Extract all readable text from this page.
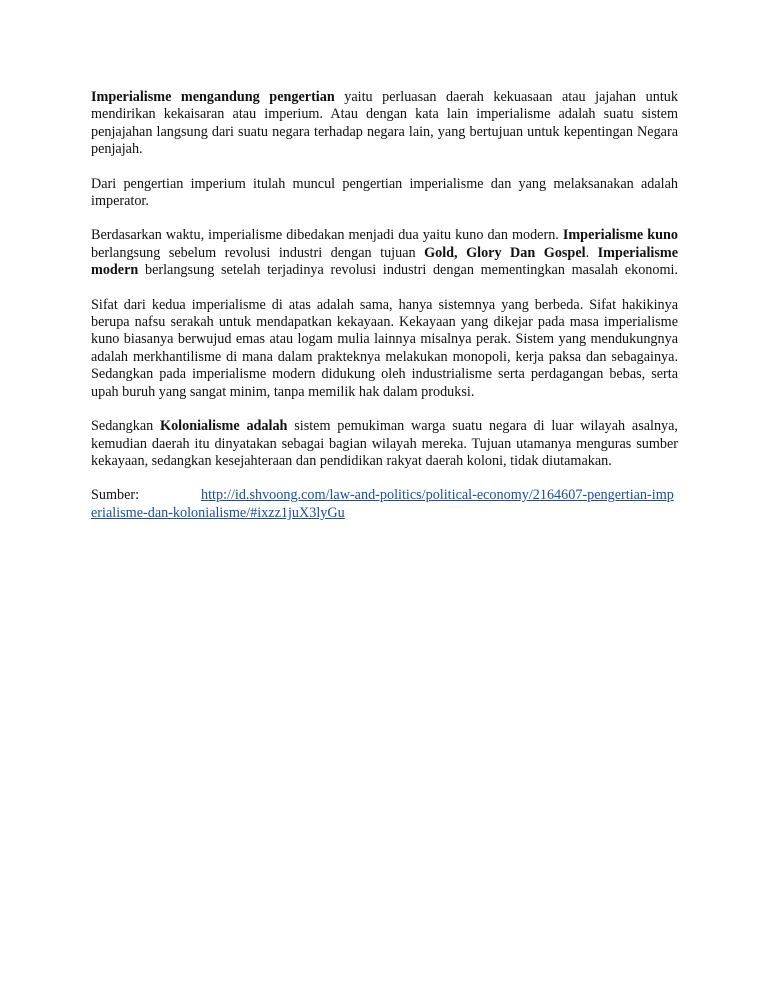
Imperialisme mengandung pengertian yaitu perluasan daerah kekuasaan atau jajahan untuk mendirikan kekaisaran atau imperium. Atau dengan kata lain imperialisme adalah suatu sistem penjajahan langsung dari suatu negara terhadap negara lain, yang bertujuan untuk kepentingan Negara penjajah.

Dari pengertian imperium itulah muncul pengertian imperialisme dan yang melaksanakan adalah imperator.

Berdasarkan waktu, imperialisme dibedakan menjadi dua yaitu kuno dan modern. Imperialisme kuno berlangsung sebelum revolusi industri dengan tujuan Gold, Glory Dan Gospel. Imperialisme modern berlangsung setelah terjadinya revolusi industri dengan mementingkan masalah ekonomi.

Sifat dari kedua imperialisme di atas adalah sama, hanya sistemnya yang berbeda. Sifat hakikinya berupa nafsu serakah untuk mendapatkan kekayaan. Kekayaan yang dikejar pada masa imperialisme kuno biasanya berwujud emas atau logam mulia lainnya misalnya perak. Sistem yang mendukungnya adalah merkhantilisme di mana dalam prakteknya melakukan monopoli, kerja paksa dan sebagainya. Sedangkan pada imperialisme modern didukung oleh industrialisme serta perdagangan bebas, serta upah buruh yang sangat minim, tanpa memilik hak dalam produksi.

Sedangkan Kolonialisme adalah sistem pemukiman warga suatu negara di luar wilayah asalnya, kemudian daerah itu dinyatakan sebagai bagian wilayah mereka. Tujuan utamanya menguras sumber kekayaan, sedangkan kesejahteraan dan pendidikan rakyat daerah koloni, tidak diutamakan.

Sumber:	http://id.shvoong.com/law-and-politics/political-economy/2164607-pengertian-imperialisme-dan-kolonialisme/#ixzz1juX3lyGu
